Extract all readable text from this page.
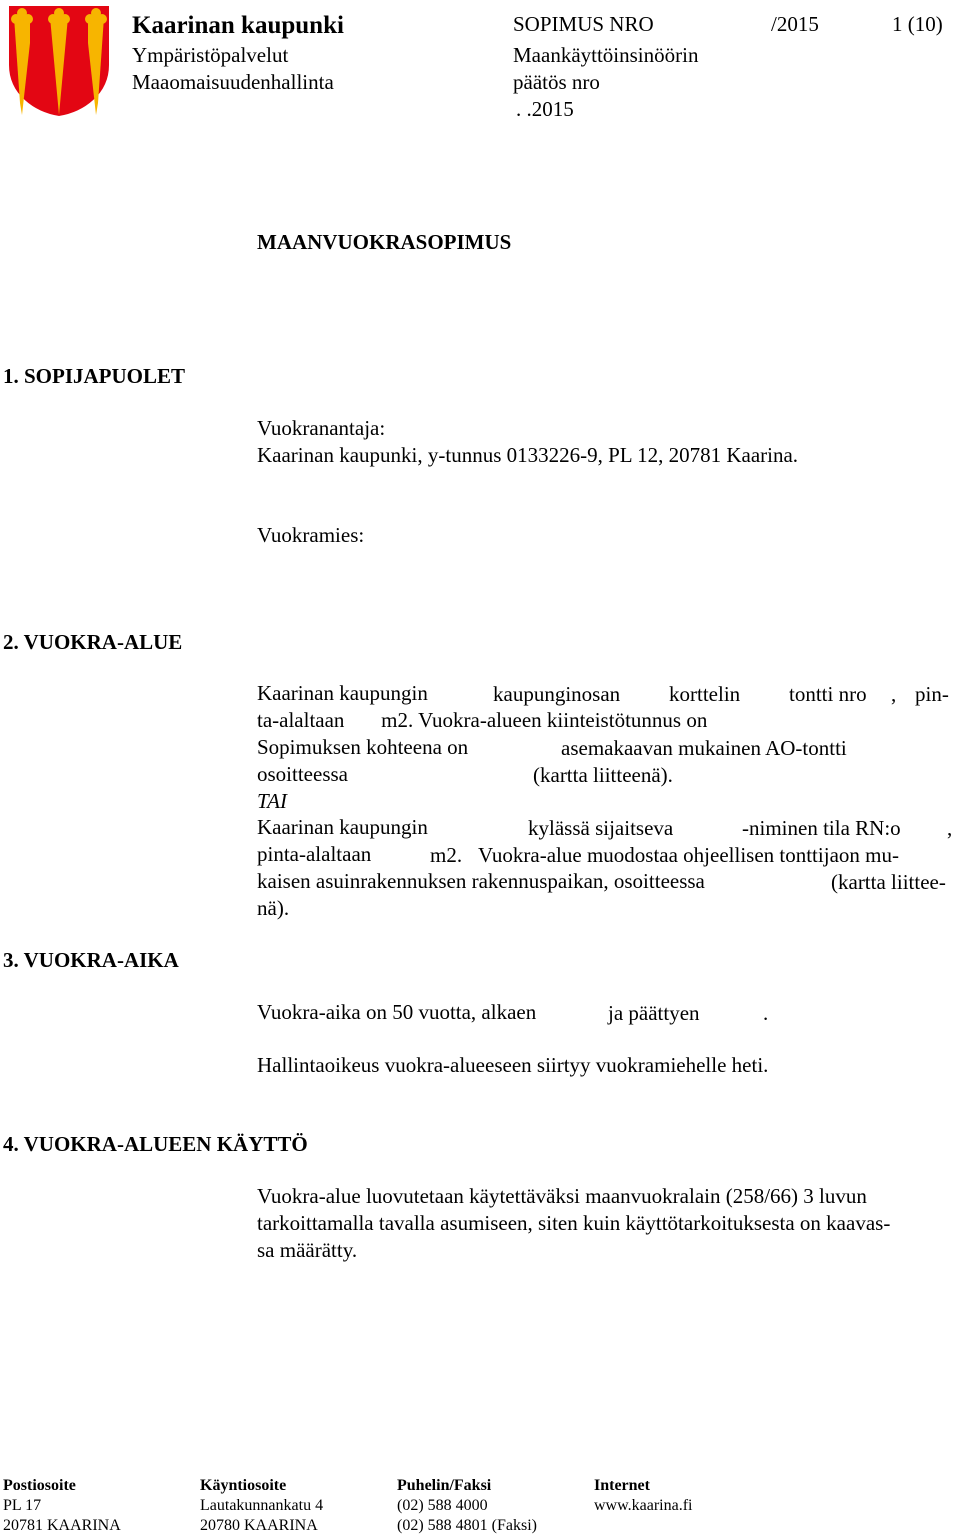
Kaarinan kaupunki
Ympäristöpalvelut
Maaomaisuudenhallinta
SOPIMUS NRO	/2015	1 (10)
Maankäyttöinsinöörin
päätös nro
. .2015
MAANVUOKRASOPIMUS
1. SOPIJAPUOLET
Vuokranantaja:
Kaarinan kaupunki, y-tunnus 0133226-9, PL 12, 20781 Kaarina.
Vuokramies:
2. VUOKRA-ALUE
Kaarinan kaupungin	kaupunginosan korttelin tontti nro , pin-
ta-alaltaan       m2. Vuokra-alueen kiinteistötunnus on
Sopimuksen kohteena on	asemakaavan mukainen AO-tontti
osoitteessa	(kartta liitteenä).
TAI
Kaarinan kaupungin	kylässä sijaitseva	-niminen tila RN:o ,
pinta-alaltaan	m2. Vuokra-alue muodostaa ohjeellisen tonttijaon mu-
kaisen asuinrakennuksen rakennuspaikan, osoitteessa	(kartta liittee-
nä).
3. VUOKRA-AIKA
Vuokra-aika on 50 vuotta, alkaen	ja päättyen	.
Hallintaoikeus vuokra-alueeseen siirtyy vuokramiehelle heti.
4. VUOKRA-ALUEEN KÄYTTÖ
Vuokra-alue luovutetaan käytettäväksi maanvuokralain (258/66) 3 luvun
tarkoittamalla tavalla asumiseen, siten kuin käyttötarkoituksesta on kaavas-
sa määrätty.
Postiosoite
PL 17
20781 KAARINA
Käyntiosoite
Lautakunnankatu 4
20780 KAARINA
Puhelin/Faksi
(02) 588 4000
(02) 588 4801 (Faksi)
Internet
www.kaarina.fi
